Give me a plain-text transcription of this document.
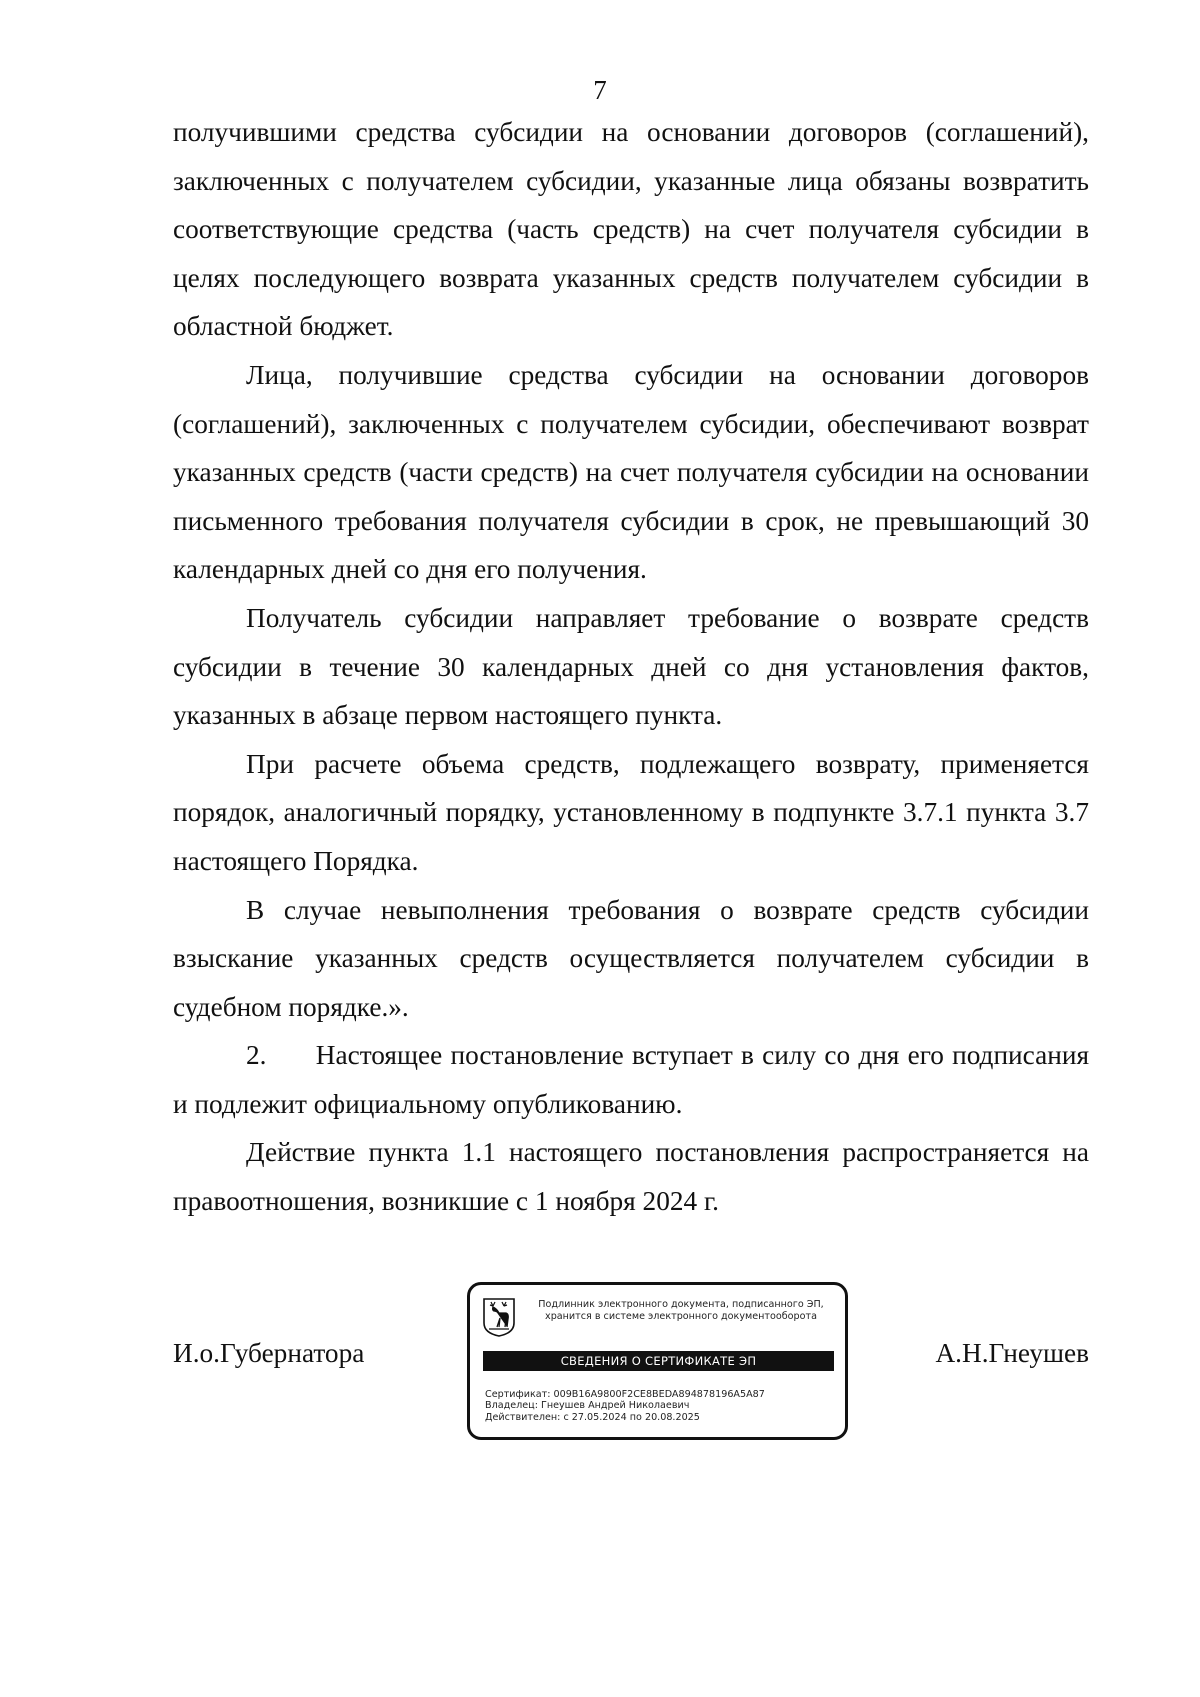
7

получившими средства субсидии на основании договоров (соглашений), заключенных с получателем субсидии, указанные лица обязаны возвратить соответствующие средства (часть средств) на счет получателя субсидии в целях последующего возврата указанных средств получателем субсидии в областной бюджет.

Лица, получившие средства субсидии на основании договоров (соглашений), заключенных с получателем субсидии, обеспечивают возврат указанных средств (части средств) на счет получателя субсидии на основании письменного требования получателя субсидии в срок, не превышающий 30 календарных дней со дня его получения.

Получатель субсидии направляет требование о возврате средств субсидии в течение 30 календарных дней со дня установления фактов, указанных в абзаце первом настоящего пункта.

При расчете объема средств, подлежащего возврату, применяется порядок, аналогичный порядку, установленному в подпункте 3.7.1 пункта 3.7 настоящего Порядка.

В случае невыполнения требования о возврате средств субсидии взыскание указанных средств осуществляется получателем субсидии в судебном порядке.».

2.      Настоящее постановление вступает в силу со дня его подписания и подлежит официальному опубликованию.

Действие пункта 1.1 настоящего постановления распространяется на правоотношения, возникшие с 1 ноября 2024 г.

И.о.Губернатора	А.Н.Гнеушев
Подлинник электронного документа, подписанного ЭП,
хранится в системе электронного документооборота
СВЕДЕНИЯ О СЕРТИФИКАТЕ ЭП
Сертификат: 009B16A9800F2CE8BEDA894878196A5A87
Владелец: Гнеушев Андрей Николаевич
Действителен: с 27.05.2024 по 20.08.2025
